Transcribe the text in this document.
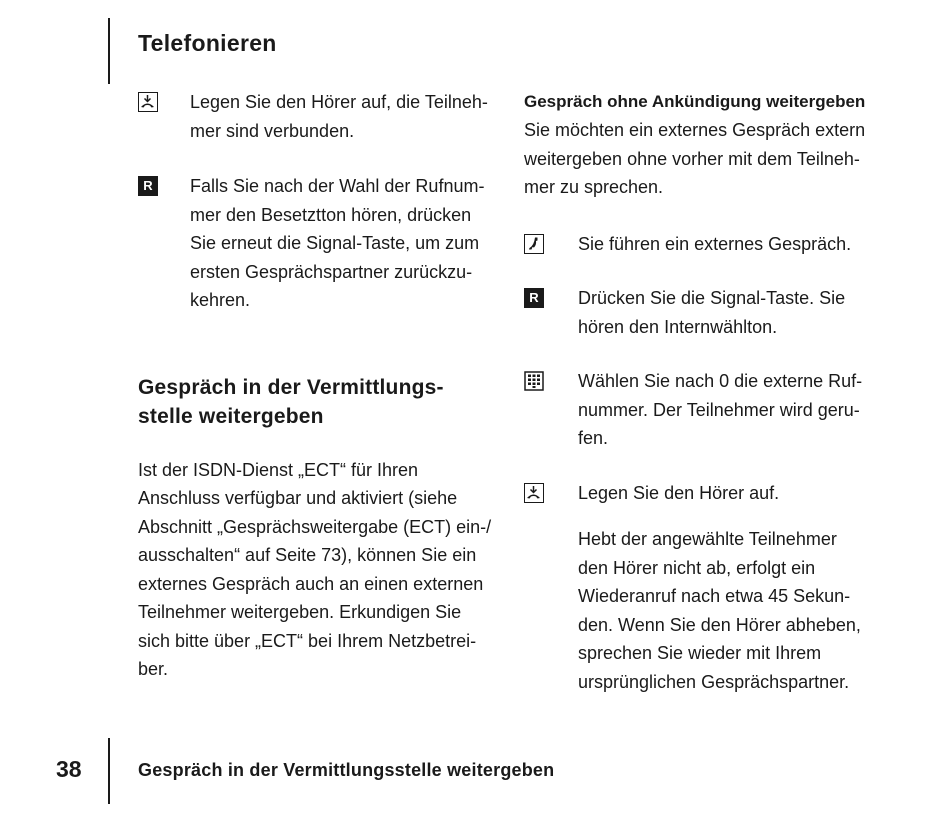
Telefonieren
Legen Sie den Hörer auf, die Teilneh-
mer sind verbunden.
R Falls Sie nach der Wahl der Rufnum-
mer den Besetztton hören, drücken
Sie erneut die Signal-Taste, um zum
ersten Gesprächspartner zurückzu-
kehren.
Gespräch in der Vermittlungs-
stelle weitergeben

Ist der ISDN-Dienst „ECT“ für Ihren
Anschluss verfügbar und aktiviert (siehe
Abschnitt „Gesprächsweitergabe (ECT) ein-/
ausschalten“ auf Seite 73), können Sie ein
externes Gespräch auch an einen externen
Teilnehmer weitergeben. Erkundigen Sie
sich bitte über „ECT“ bei Ihrem Netzbetrei-
ber.

Gespräch ohne Ankündigung weitergeben

Sie möchten ein externes Gespräch extern
weitergeben ohne vorher mit dem Teilneh-
mer zu sprechen.

Sie führen ein externes Gespräch.
R Drücken Sie die Signal-Taste. Sie
hören den Internwählton.
Wählen Sie nach 0 die externe Ruf-
nummer. Der Teilnehmer wird geru-
fen.
Legen Sie den Hörer auf.

Hebt der angewählte Teilnehmer
den Hörer nicht ab, erfolgt ein
Wiederanruf nach etwa 45 Sekun-
den. Wenn Sie den Hörer abheben,
sprechen Sie wieder mit Ihrem
ursprünglichen Gesprächspartner.

38	Gespräch in der Vermittlungsstelle weitergeben
